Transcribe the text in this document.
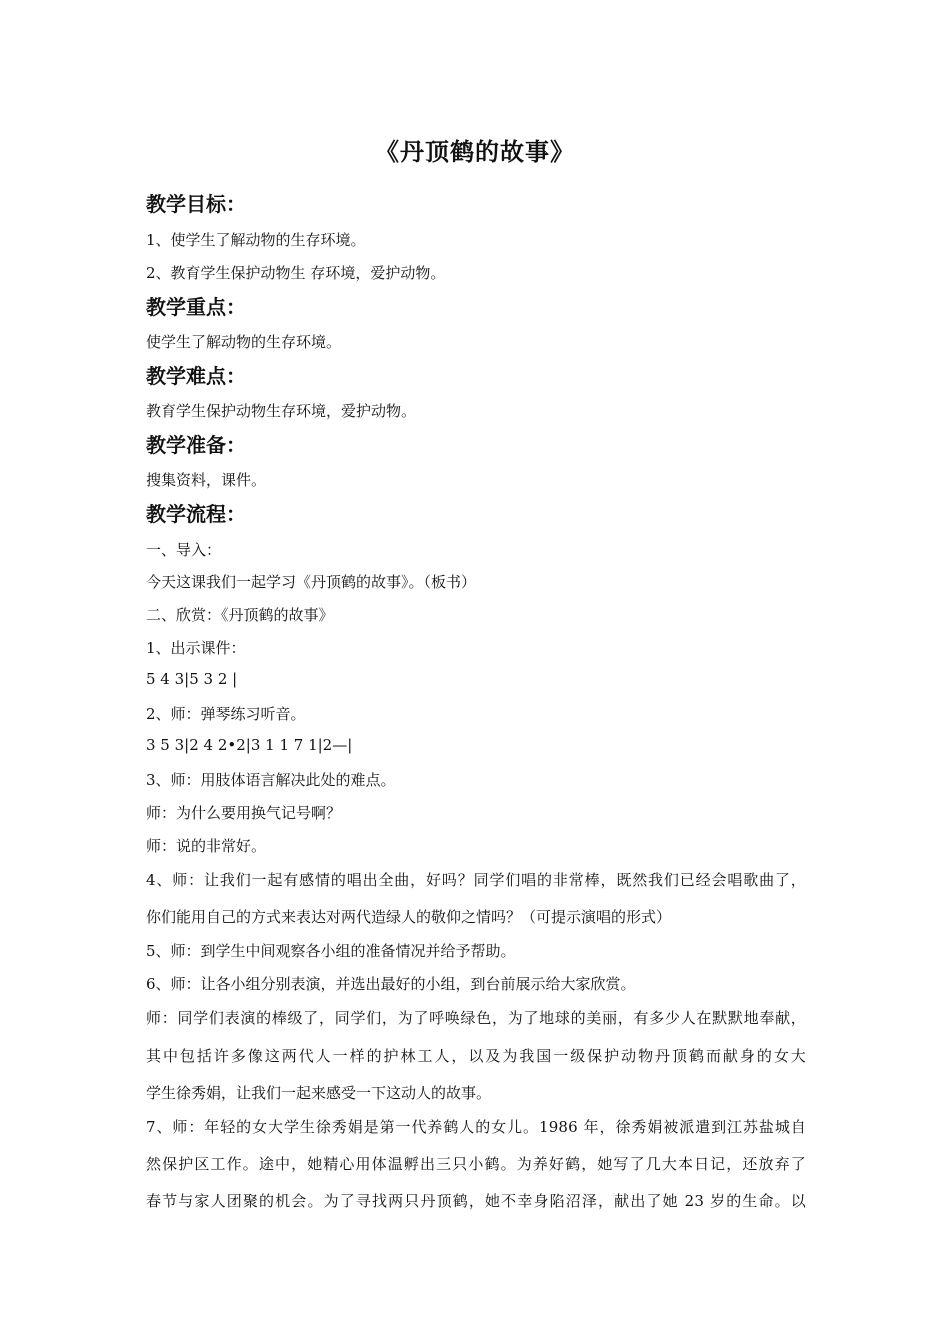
《丹顶鹤的故事》
教学目标：
1、使学生了解动物的生存环境。
2、教育学生保护动物生 存环境，爱护动物。
教学重点：
使学生了解动物的生存环境。
教学难点：
教育学生保护动物生存环境，爱护动物。
教学准备：
搜集资料，课件。
教学流程：
一、导入：
今天这课我们一起学习《丹顶鹤的故事》。（板书）
二、欣赏：《丹顶鹤的故事》
1、出示课件：
5 4 3|5 3 2 |
2、师：弹琴练习听音。
3 5 3|2 4 2•2|3 1 1 7 1|2—|
3、师：用肢体语言解决此处的难点。
师：为什么要用换气记号啊？
师：说的非常好。
4、师：让我们一起有感情的唱出全曲，好吗？同学们唱的非常棒，既然我们已经会唱歌曲了，
你们能用自己的方式来表达对两代造绿人的敬仰之情吗？（可提示演唱的形式）
5、师：到学生中间观察各小组的准备情况并给予帮助。
6、师：让各小组分别表演，并选出最好的小组，到台前展示给大家欣赏。
师：同学们表演的棒级了，同学们，为了呼唤绿色，为了地球的美丽，有多少人在默默地奉献，
其中包括许多像这两代人一样的护林工人，以及为我国一级保护动物丹顶鹤而献身的女大
学生徐秀娟，让我们一起来感受一下这动人的故事。
7、师：年轻的女大学生徐秀娟是第一代养鹤人的女儿。1986 年，徐秀娟被派遣到江苏盐城自
然保护区工作。途中，她精心用体温孵出三只小鹤。为养好鹤，她写了几大本日记，还放弃了
春节与家人团聚的机会。为了寻找两只丹顶鹤，她不幸身陷沼泽，献出了她 23 岁的生命。以
